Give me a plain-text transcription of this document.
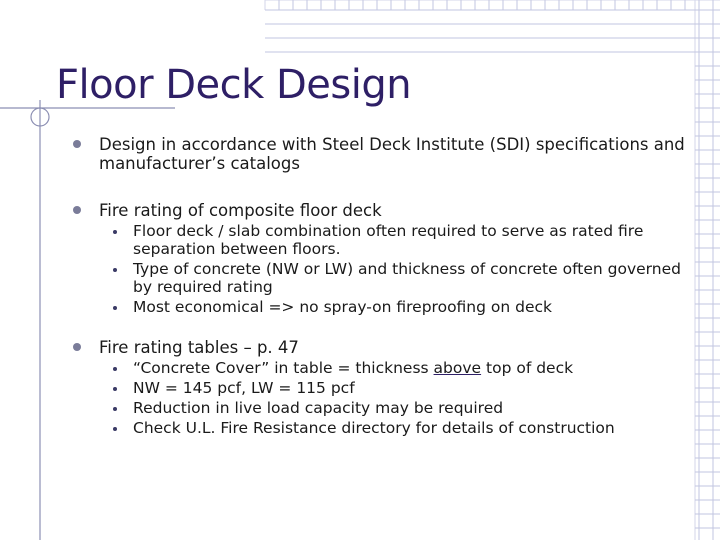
Floor Deck Design

Design in accordance with Steel Deck Institute (SDI) specifications and manufacturer’s catalogs

Fire rating of composite floor deck

Floor deck / slab combination often required to serve as rated fire separation between floors.
Type of concrete (NW or LW) and thickness of concrete often governed by required rating
Most economical => no spray-on fireproofing on deck

Fire rating tables – p. 47

“Concrete Cover” in table = thickness above top of deck
NW = 145 pcf, LW = 115 pcf
Reduction in live load capacity may be required
Check U.L. Fire Resistance directory for details of construction
